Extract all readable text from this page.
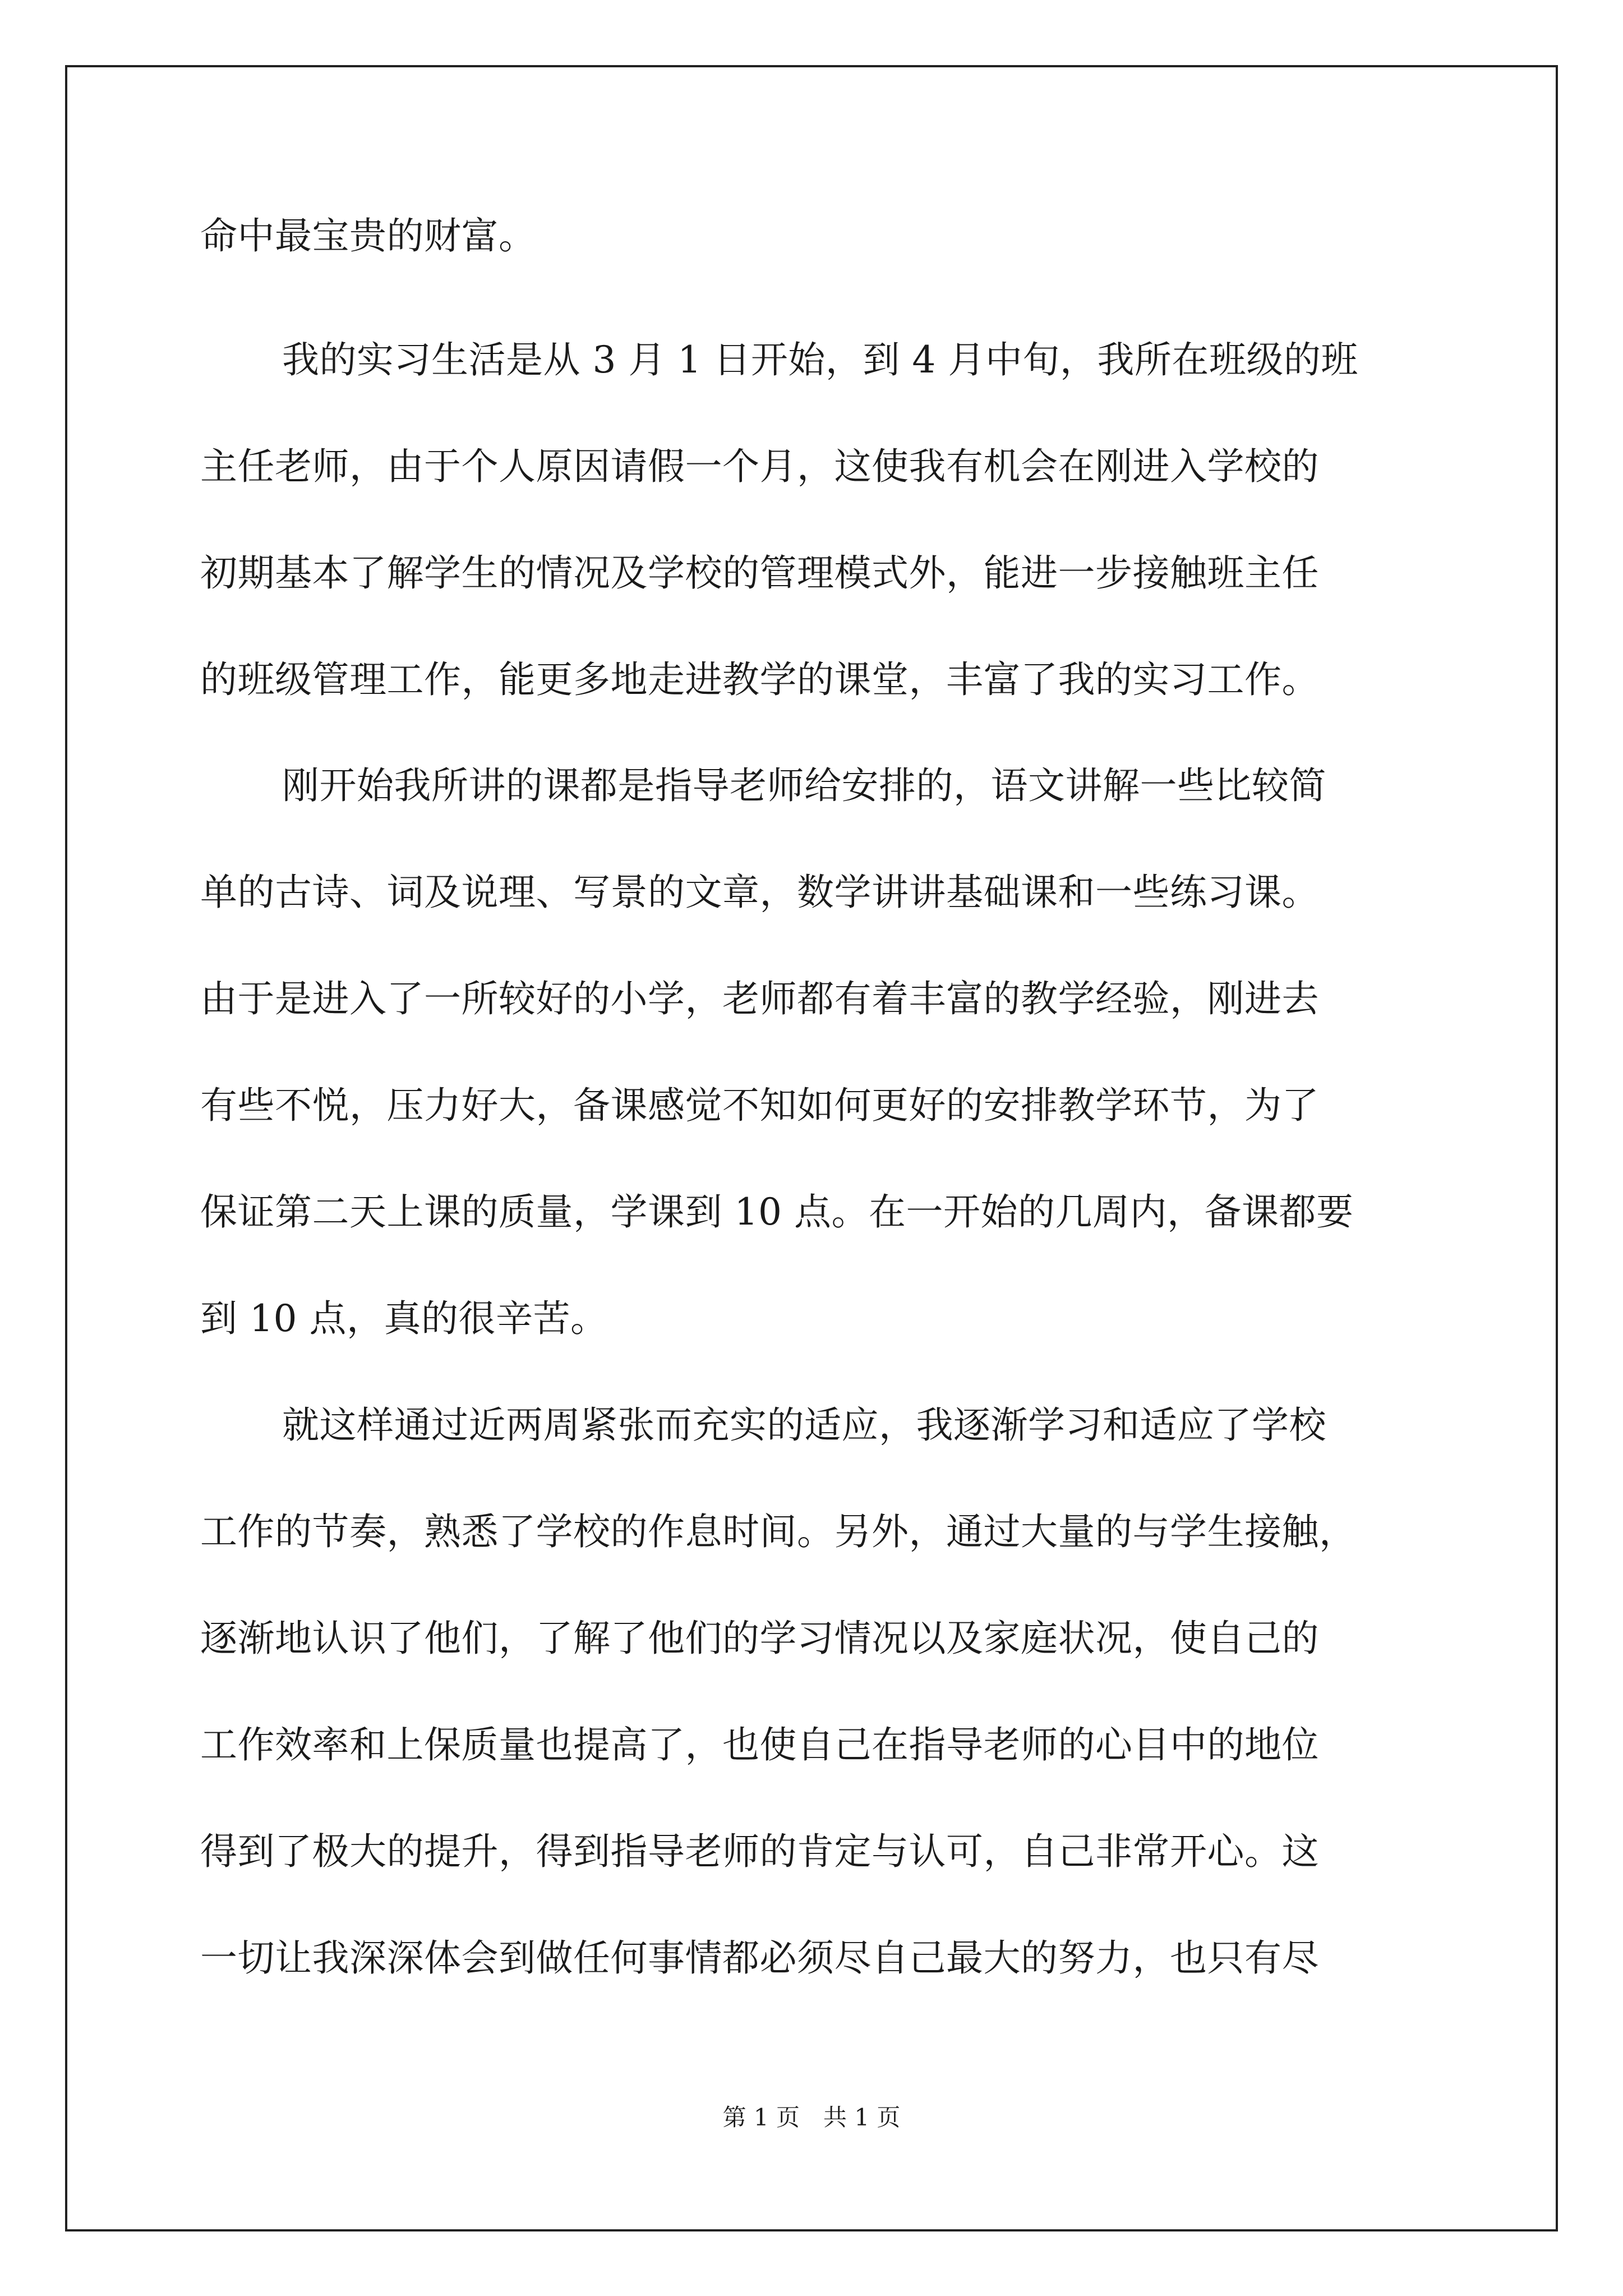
命中最宝贵的财富。
我的实习生活是从 3 月 1 日开始，到 4 月中旬，我所在班级的班
主任老师，由于个人原因请假一个月，这使我有机会在刚进入学校的
初期基本了解学生的情况及学校的管理模式外，能进一步接触班主任
的班级管理工作，能更多地走进教学的课堂，丰富了我的实习工作。
刚开始我所讲的课都是指导老师给安排的，语文讲解一些比较简
单的古诗、词及说理、写景的文章，数学讲讲基础课和一些练习课。
由于是进入了一所较好的小学，老师都有着丰富的教学经验，刚进去
有些不悦，压力好大，备课感觉不知如何更好的安排教学环节，为了
保证第二天上课的质量，学课到 10 点。在一开始的几周内，备课都要
到 10 点，真的很辛苦。
就这样通过近两周紧张而充实的适应，我逐渐学习和适应了学校
工作的节奏，熟悉了学校的作息时间。另外，通过大量的与学生接触，
逐渐地认识了他们，了解了他们的学习情况以及家庭状况，使自己的
工作效率和上保质量也提高了，也使自己在指导老师的心目中的地位
得到了极大的提升，得到指导老师的肯定与认可，自己非常开心。这
一切让我深深体会到做任何事情都必须尽自己最大的努力，也只有尽
第 1 页　共 1 页
